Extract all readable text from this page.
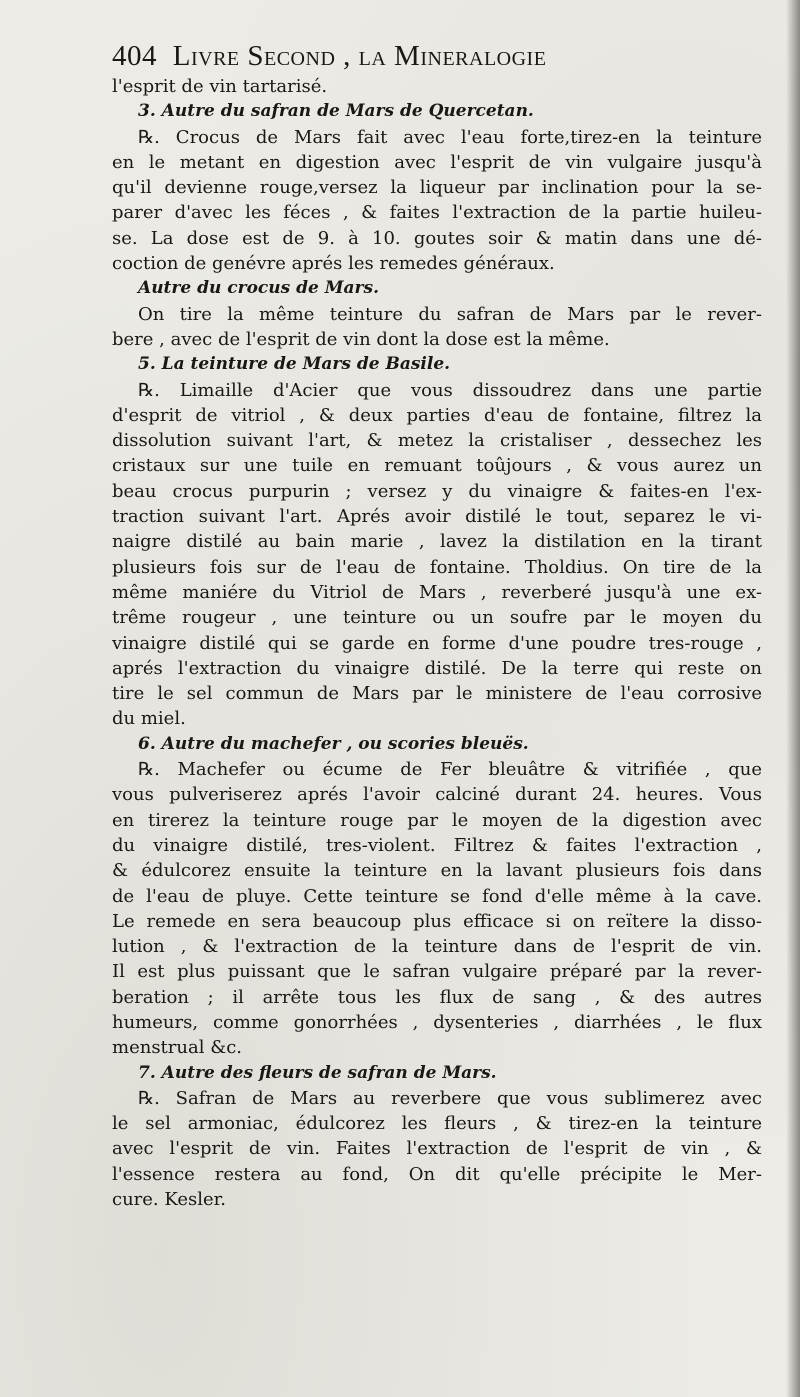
404 Livre Second , la Mineralogie
l'esprit de vin tartarisé.
3. Autre du safran de Mars de Quercetan.
℞. Crocus de Mars fait avec l'eau forte,tirez-en la teinture
en le metant en digestion avec l'esprit de vin vulgaire jusqu'à
qu'il devienne rouge,versez la liqueur par inclination pour la se-
parer d'avec les féces , & faites l'extraction de la partie huileu-
se. La dose est de 9. à 10. goutes soir & matin dans une dé-
coction de genévre aprés les remedes généraux.
Autre du crocus de Mars.
On tire la même teinture du safran de Mars par le rever-
bere , avec de l'esprit de vin dont la dose est la même.
5. La teinture de Mars de Basile.
℞. Limaille d'Acier que vous dissoudrez dans une partie
d'esprit de vitriol , & deux parties d'eau de fontaine, filtrez la
dissolution suivant l'art, & metez la cristaliser , dessechez les
cristaux sur une tuile en remuant toûjours , & vous aurez un
beau crocus purpurin ; versez y du vinaigre & faites-en l'ex-
traction suivant l'art. Aprés avoir distilé le tout, separez le vi-
naigre distilé au bain marie , lavez la distilation en la tirant
plusieurs fois sur de l'eau de fontaine. Tholdius. On tire de la
même maniére du Vitriol de Mars , reverberé jusqu'à une ex-
trême rougeur , une teinture ou un soufre par le moyen du
vinaigre distilé qui se garde en forme d'une poudre tres-rouge ,
aprés l'extraction du vinaigre distilé. De la terre qui reste on
tire le sel commun de Mars par le ministere de l'eau corrosive
du miel.
6. Autre du machefer , ou scories bleuës.
℞. Machefer ou écume de Fer bleuâtre & vitrifiée , que
vous pulveriserez aprés l'avoir calciné durant 24. heures. Vous
en tirerez la teinture rouge par le moyen de la digestion avec
du vinaigre distilé, tres-violent. Filtrez & faites l'extraction ,
& édulcorez ensuite la teinture en la lavant plusieurs fois dans
de l'eau de pluye. Cette teinture se fond d'elle même à la cave.
Le remede en sera beaucoup plus efficace si on reïtere la disso-
lution , & l'extraction de la teinture dans de l'esprit de vin.
Il est plus puissant que le safran vulgaire préparé par la rever-
beration ; il arrête tous les flux de sang , & des autres
humeurs, comme gonorrhées , dysenteries , diarrhées , le flux
menstrual &c.
7. Autre des fleurs de safran de Mars.
℞. Safran de Mars au reverbere que vous sublimerez avec
le sel armoniac, édulcorez les fleurs , & tirez-en la teinture
avec l'esprit de vin. Faites l'extraction de l'esprit de vin , &
l'essence restera au fond, On dit qu'elle précipite le Mer-
cure. Kesler.
